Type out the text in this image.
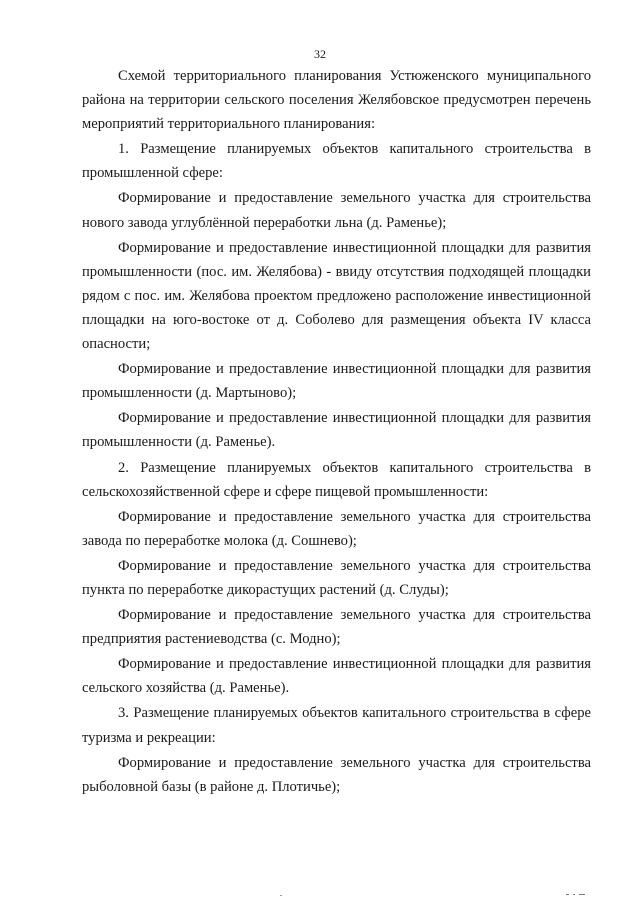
32

Схемой территориального планирования Устюженского муниципального района на территории сельского поселения Желябовское предусмотрен перечень мероприятий территориального планирования:

1. Размещение планируемых объектов капитального строительства в промышленной сфере:

Формирование и предоставление земельного участка для строительства нового завода углублённой переработки льна (д. Раменье);

Формирование и предоставление инвестиционной площадки для развития промышленности (пос. им. Желябова) - ввиду отсутствия подходящей площадки рядом с пос. им. Желябова проектом предложено расположение инвестиционной площадки на юго-востоке от д. Соболево для размещения объекта IV класса опасности;

Формирование и предоставление инвестиционной площадки для развития промышленности (д. Мартыново);

Формирование и предоставление инвестиционной площадки для развития промышленности (д. Раменье).

2. Размещение планируемых объектов капитального строительства в сельскохозяйственной сфере и сфере пищевой промышленности:

Формирование и предоставление земельного участка для строительства завода по переработке молока (д. Сошнево);

Формирование и предоставление земельного участка для строительства пункта по переработке дикорастущих растений (д. Слуды);

Формирование и предоставление земельного участка для строительства предприятия растениеводства (с. Модно);

Формирование и предоставление инвестиционной площадки для развития сельского хозяйства (д. Раменье).

3. Размещение планируемых объектов капитального строительства в сфере туризма и рекреации:

Формирование и предоставление земельного участка для строительства рыболовной базы (в районе д. Плотичье);
